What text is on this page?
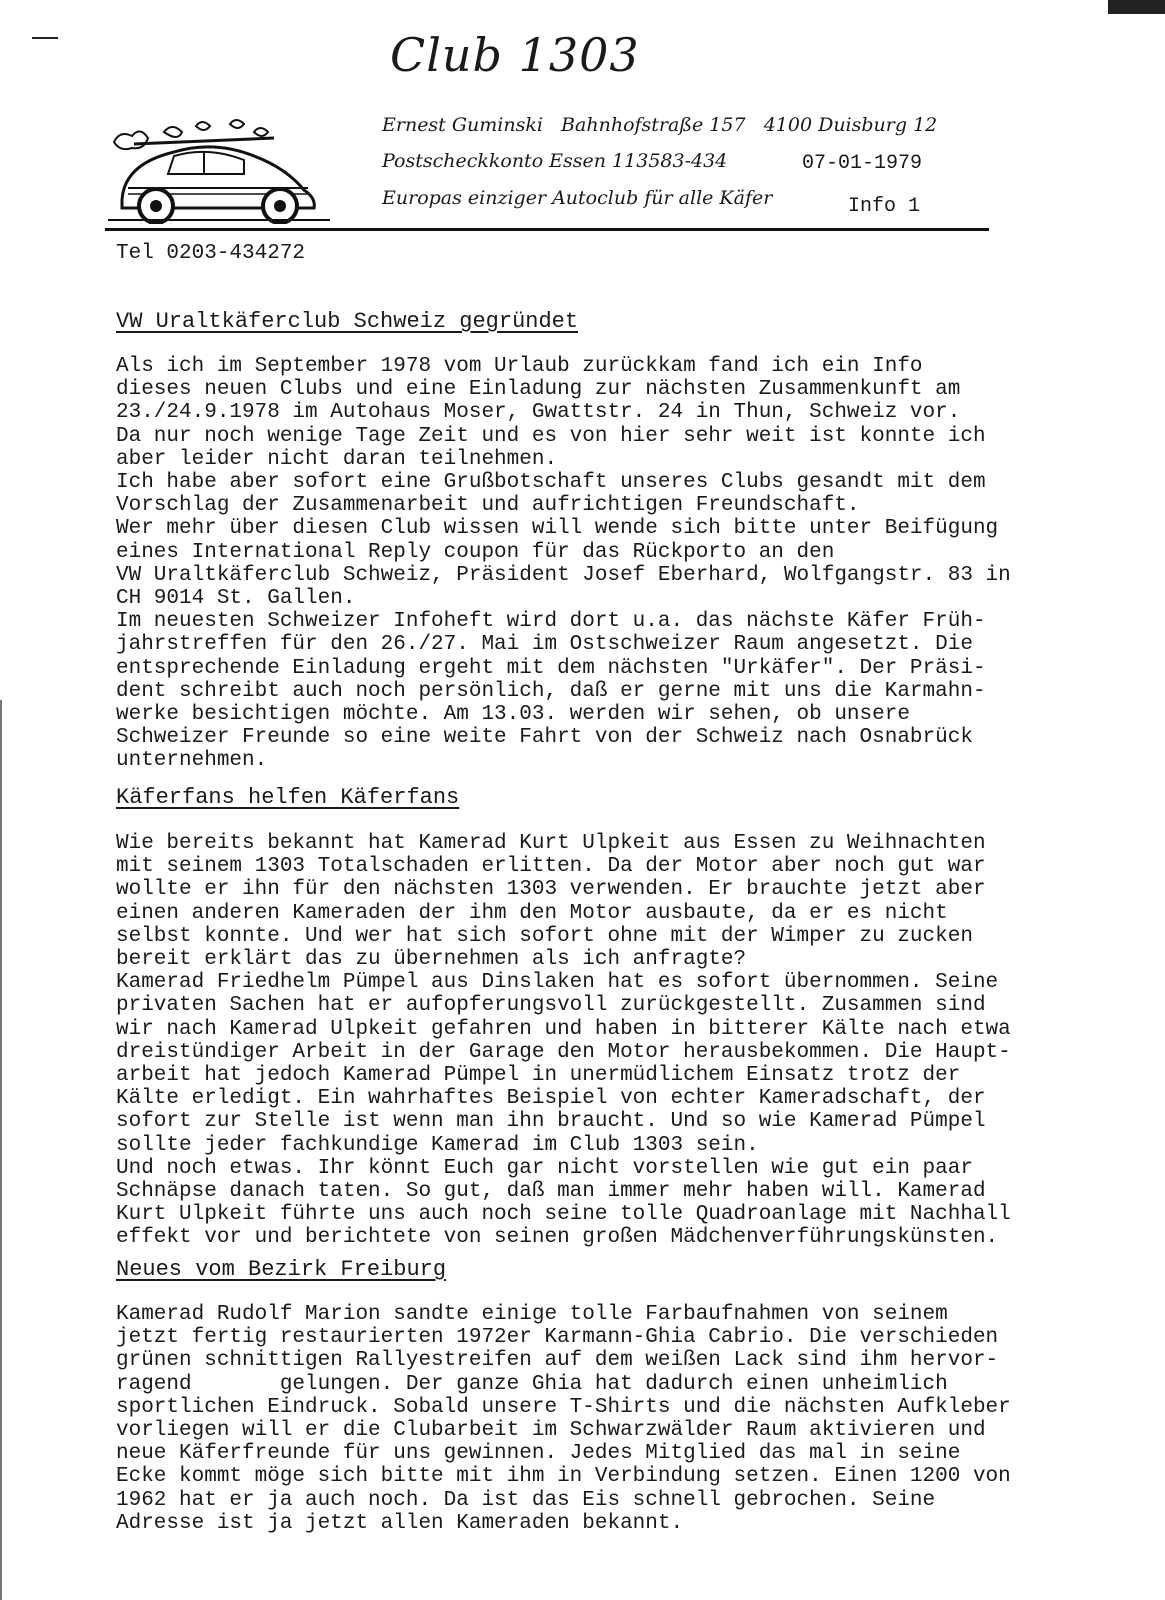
Club 1303
Ernest Guminski   Bahnhofstraße 157   4100 Duisburg 12
Postscheckkonto Essen 113583-434	07-01-1979
Europas einziger Autoclub für alle Käfer	Info 1
Tel 0203-434272
VW Uraltkäferclub Schweiz gegründet
Als ich im September 1978 vom Urlaub zurückkam fand ich ein Info
dieses neuen Clubs und eine Einladung zur nächsten Zusammenkunft am
23./24.9.1978 im Autohaus Moser, Gwattstr. 24 in Thun, Schweiz vor.
Da nur noch wenige Tage Zeit und es von hier sehr weit ist konnte ich
aber leider nicht daran teilnehmen.
Ich habe aber sofort eine Grußbotschaft unseres Clubs gesandt mit dem
Vorschlag der Zusammenarbeit und aufrichtigen Freundschaft.
Wer mehr über diesen Club wissen will wende sich bitte unter Beifügung
eines International Reply coupon für das Rückporto an den
VW Uraltkäferclub Schweiz, Präsident Josef Eberhard, Wolfgangstr. 83 in
CH 9014 St. Gallen.
Im neuesten Schweizer Infoheft wird dort u.a. das nächste Käfer Früh-
jahrstreffen für den 26./27. Mai im Ostschweizer Raum angesetzt. Die
entsprechende Einladung ergeht mit dem nächsten "Urkäfer". Der Präsi-
dent schreibt auch noch persönlich, daß er gerne mit uns die Karmahn-
werke besichtigen möchte. Am 13.03. werden wir sehen, ob unsere
Schweizer Freunde so eine weite Fahrt von der Schweiz nach Osnabrück
unternehmen.
Käferfans helfen Käferfans
Wie bereits bekannt hat Kamerad Kurt Ulpkeit aus Essen zu Weihnachten
mit seinem 1303 Totalschaden erlitten. Da der Motor aber noch gut war
wollte er ihn für den nächsten 1303 verwenden. Er brauchte jetzt aber
einen anderen Kameraden der ihm den Motor ausbaute, da er es nicht
selbst konnte. Und wer hat sich sofort ohne mit der Wimper zu zucken
bereit erklärt das zu übernehmen als ich anfragte?
Kamerad Friedhelm Pümpel aus Dinslaken hat es sofort übernommen. Seine
privaten Sachen hat er aufopferungsvoll zurückgestellt. Zusammen sind
wir nach Kamerad Ulpkeit gefahren und haben in bitterer Kälte nach etwa
dreistündiger Arbeit in der Garage den Motor herausbekommen. Die Haupt-
arbeit hat jedoch Kamerad Pümpel in unermüdlichem Einsatz trotz der
Kälte erledigt. Ein wahrhaftes Beispiel von echter Kameradschaft, der
sofort zur Stelle ist wenn man ihn braucht. Und so wie Kamerad Pümpel
sollte jeder fachkundige Kamerad im Club 1303 sein.
Und noch etwas. Ihr könnt Euch gar nicht vorstellen wie gut ein paar
Schnäpse danach taten. So gut, daß man immer mehr haben will. Kamerad
Kurt Ulpkeit führte uns auch noch seine tolle Quadroanlage mit Nachhall
effekt vor und berichtete von seinen großen Mädchenverführungskünsten.
Neues vom Bezirk Freiburg
Kamerad Rudolf Marion sandte einige tolle Farbaufnahmen von seinem
jetzt fertig restaurierten 1972er Karmann-Ghia Cabrio. Die verschieden
grünen schnittigen Rallyestreifen auf dem weißen Lack sind ihm hervor-
ragend       gelungen. Der ganze Ghia hat dadurch einen unheimlich
sportlichen Eindruck. Sobald unsere T-Shirts und die nächsten Aufkleber
vorliegen will er die Clubarbeit im Schwarzwälder Raum aktivieren und
neue Käferfreunde für uns gewinnen. Jedes Mitglied das mal in seine
Ecke kommt möge sich bitte mit ihm in Verbindung setzen. Einen 1200 von
1962 hat er ja auch noch. Da ist das Eis schnell gebrochen. Seine
Adresse ist ja jetzt allen Kameraden bekannt.
